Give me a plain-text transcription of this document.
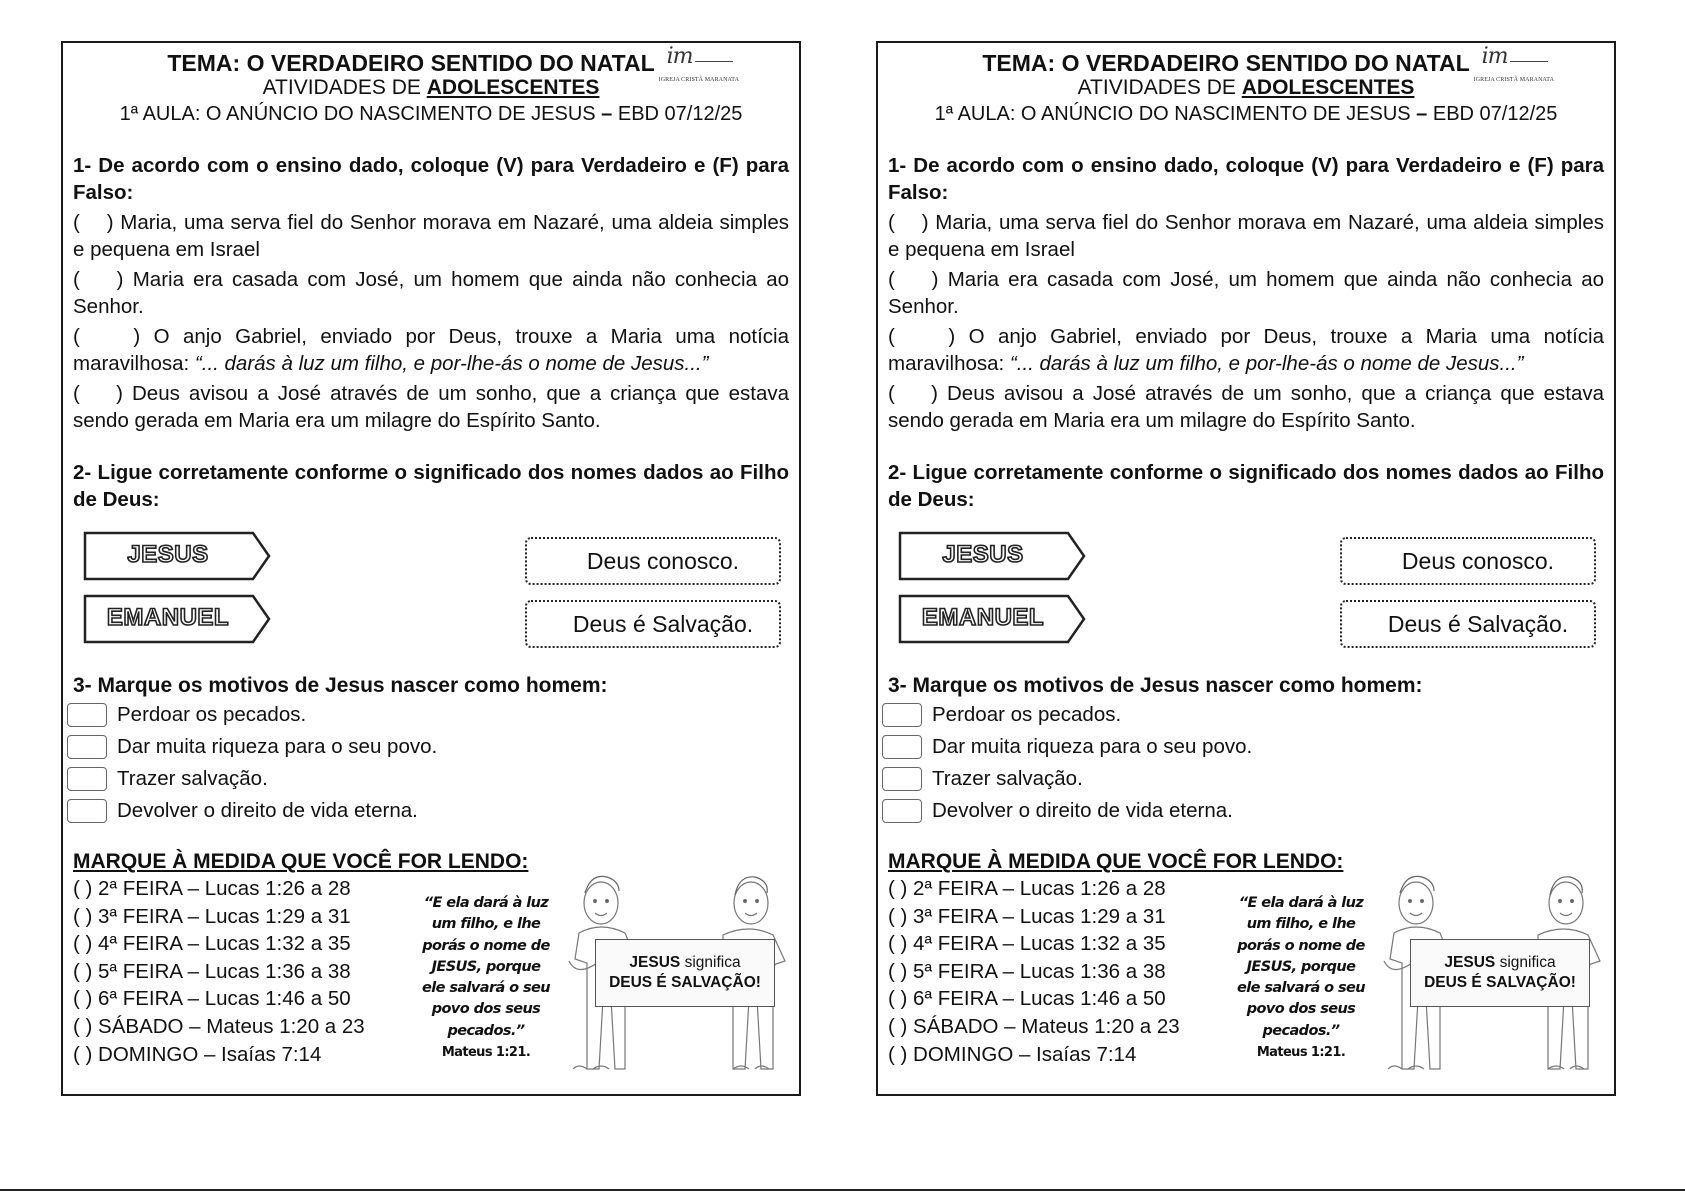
TEMA: O VERDADEIRO SENTIDO DO NATAL im
IGREJA CRISTÃ MARANATA
ATIVIDADES DE ADOLESCENTES
1ª AULA: O ANÚNCIO DO NASCIMENTO DE JESUS – EBD 07/12/25
1- De acordo com o ensino dado, coloque (V) para Verdadeiro e (F) para Falso:
(    ) Maria, uma serva fiel do Senhor morava em Nazaré, uma aldeia simples e pequena em Israel
(    ) Maria era casada com José, um homem que ainda não conhecia ao Senhor.
(    ) O anjo Gabriel, enviado por Deus, trouxe a Maria uma notícia maravilhosa: “... darás à luz um filho, e por-lhe-ás o nome de Jesus...”
(    ) Deus avisou a José através de um sonho, que a criança que estava sendo gerada em Maria era um milagre do Espírito Santo.
2- Ligue corretamente conforme o significado dos nomes dados ao Filho de Deus:
JESUS
EMANUEL
Deus conosco.
Deus é Salvação.
3- Marque os motivos de Jesus nascer como homem:
Perdoar os pecados.
Dar muita riqueza para o seu povo.
Trazer salvação.
Devolver o direito de vida eterna.
MARQUE À MEDIDA QUE VOCÊ FOR LENDO:
( ) 2ª FEIRA – Lucas 1:26 a 28
( ) 3ª FEIRA – Lucas 1:29 a 31
( ) 4ª FEIRA – Lucas 1:32 a 35
( ) 5ª FEIRA – Lucas 1:36 a 38
( ) 6ª FEIRA – Lucas 1:46 a 50
( ) SÁBADO – Mateus 1:20 a 23
( ) DOMINGO – Isaías 7:14
“E ela dará à luz um filho, e lhe porás o nome de JESUS, porque ele salvará o seu povo dos seus pecados.”
Mateus 1:21.
JESUS significa
DEUS É SALVAÇÃO!
TEMA: O VERDADEIRO SENTIDO DO NATAL im
IGREJA CRISTÃ MARANATA
ATIVIDADES DE ADOLESCENTES
1ª AULA: O ANÚNCIO DO NASCIMENTO DE JESUS – EBD 07/12/25
1- De acordo com o ensino dado, coloque (V) para Verdadeiro e (F) para Falso:
(    ) Maria, uma serva fiel do Senhor morava em Nazaré, uma aldeia simples e pequena em Israel
(    ) Maria era casada com José, um homem que ainda não conhecia ao Senhor.
(    ) O anjo Gabriel, enviado por Deus, trouxe a Maria uma notícia maravilhosa: “... darás à luz um filho, e por-lhe-ás o nome de Jesus...”
(    ) Deus avisou a José através de um sonho, que a criança que estava sendo gerada em Maria era um milagre do Espírito Santo.
2- Ligue corretamente conforme o significado dos nomes dados ao Filho de Deus:
JESUS
EMANUEL
Deus conosco.
Deus é Salvação.
3- Marque os motivos de Jesus nascer como homem:
Perdoar os pecados.
Dar muita riqueza para o seu povo.
Trazer salvação.
Devolver o direito de vida eterna.
MARQUE À MEDIDA QUE VOCÊ FOR LENDO:
( ) 2ª FEIRA – Lucas 1:26 a 28
( ) 3ª FEIRA – Lucas 1:29 a 31
( ) 4ª FEIRA – Lucas 1:32 a 35
( ) 5ª FEIRA – Lucas 1:36 a 38
( ) 6ª FEIRA – Lucas 1:46 a 50
( ) SÁBADO – Mateus 1:20 a 23
( ) DOMINGO – Isaías 7:14
“E ela dará à luz um filho, e lhe porás o nome de JESUS, porque ele salvará o seu povo dos seus pecados.”
Mateus 1:21.
JESUS significa
DEUS É SALVAÇÃO!
